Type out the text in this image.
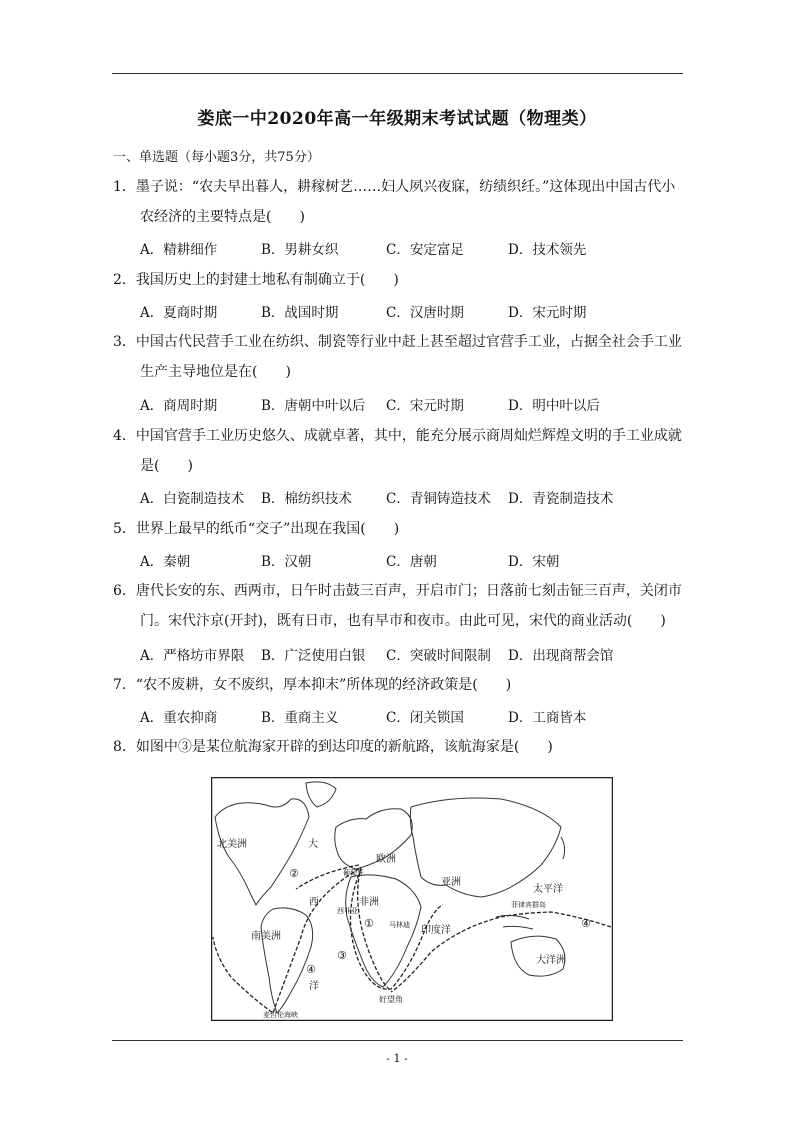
娄底一中2020年高一年级期末考试试题（物理类）
一、单选题（每小题3分，共75分）
1．墨子说：“农夫早出暮人，耕稼树艺……妇人夙兴夜寐，纺绩织纴。”这体现出中国古代小
农经济的主要特点是(　　)
A．精耕细作	B．男耕女织	C．安定富足	D．技术领先
2．我国历史上的封建土地私有制确立于(　　)
A．夏商时期	B．战国时期	C．汉唐时期	D．宋元时期
3．中国古代民营手工业在纺织、制瓷等行业中赶上甚至超过官营手工业，占据全社会手工业
生产主导地位是在(　　)
A．商周时期	B．唐朝中叶以后 C．宋元时期	D．明中叶以后
4．中国官营手工业历史悠久、成就卓著，其中，能充分展示商周灿烂辉煌文明的手工业成就
是(　　)
A．白瓷制造技术 B．棉纺织技术	C．青铜铸造技术 D．青瓷制造技术
5．世界上最早的纸币“交子”出现在我国(　　)
A．秦朝	B．汉朝	C．唐朝	D．宋朝
6．唐代长安的东、西两市，日午时击鼓三百声，开启市门；日落前七刻击钲三百声，关闭市
门。宋代汴京(开封)，既有日市，也有早市和夜市。由此可见，宋代的商业活动(　　)
A．严格坊市界限 B．广泛使用白银 C．突破时间限制 D．出现商帮会馆
7．“农不废耕，女不废织，厚本抑末”所体现的经济政策是(　　)
A．重农抑商	B．重商主义	C．闭关锁国	D．工商皆本
8．如图中③是某位航海家开辟的到达印度的新航路，该航海家是(　　)
①
②
③
④
④
北美洲	大
欧洲
亚洲
葡萄牙
西非亚
西	非洲
太平洋
南美洲
印度洋
大洋洲
洋
菲律宾群岛
马林迪
好望角
麦哲伦海峡
- 1 -
